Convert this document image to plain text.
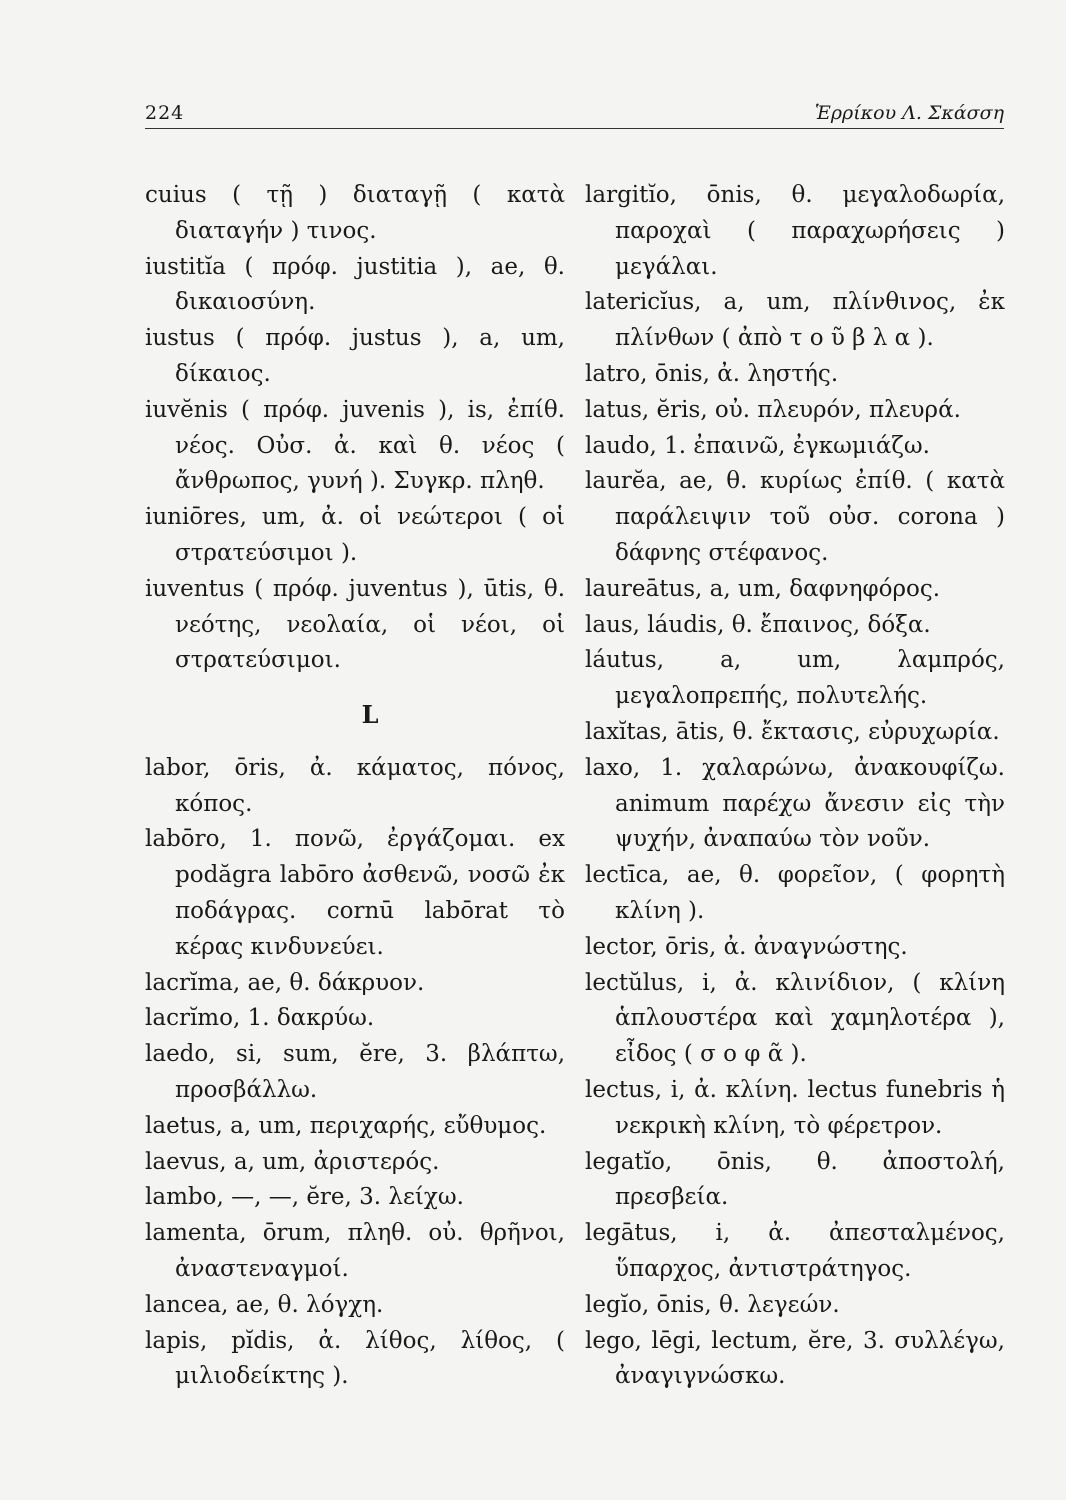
224	Ἑρρίκου Λ. Σκάσση

cuius ( τῇ ) διαταγῇ ( κατὰ διαταγήν ) τινος.

iustitĭa ( πρόφ. justitia ), ae, θ. δικαιοσύνη.

iustus ( πρόφ. justus ), a, um, δίκαιος.

iuvĕnis ( πρόφ. juvenis ), is, ἐπίθ. νέος. Οὐσ. ἀ. καὶ θ. νέος ( ἄνθρωπος, γυνή ). Συγκρ. πληθ.

iuniōres, um, ἀ. οἱ νεώτεροι ( οἱ στρατεύσιμοι ).

iuventus ( πρόφ. juventus ), ūtis, θ. νεότης, νεολαία, οἱ νέοι, οἱ στρατεύσιμοι.

L

labor, ōris, ἀ. κάματος, πόνος, κόπος.

labōro, 1. πονῶ, ἐργάζομαι. ex podăgra labōro ἀσθενῶ, νοσῶ ἐκ ποδάγρας. cornū labōrat τὸ κέρας κινδυνεύει.

lacrĭma, ae, θ. δάκρυον.

lacrĭmo, 1. δακρύω.

laedo, si, sum, ĕre, 3. βλάπτω, προσβάλλω.

laetus, a, um, περιχαρής, εὔθυμος.

laevus, a, um, ἀριστερός.

lambo, —, —, ĕre, 3. λείχω.

lamenta, ōrum, πληθ. οὐ. θρῆνοι, ἀναστεναγμοί.

lancea, ae, θ. λόγχη.

lapis, pĭdis, ἀ. λίθος, λίθος, ( μιλιοδείκτης ).

largitĭo, ōnis, θ. μεγαλοδωρία, παροχαὶ ( παραχωρήσεις ) μεγάλαι.

latericĭus, a, um, πλίνθινος, ἐκ πλίνθων ( ἀπὸ τ ο ῦ β λ α ).

latro, ōnis, ἀ. ληστής.

latus, ĕris, οὐ. πλευρόν, πλευρά.

laudo, 1. ἐπαινῶ, ἐγκωμιάζω.

laurĕa, ae, θ. κυρίως ἐπίθ. ( κατὰ παράλειψιν τοῦ οὐσ. corona ) δάφνης στέφανος.

laureātus, a, um, δαφνηφόρος.

laus, láudis, θ. ἔπαινος, δόξα.

láutus, a, um, λαμπρός, μεγαλοπρεπής, πολυτελής.

laxĭtas, ātis, θ. ἔκτασις, εὐρυχωρία.

laxo, 1. χαλαρώνω, ἀνακουφίζω. animum παρέχω ἄνεσιν εἰς τὴν ψυχήν, ἀναπαύω τὸν νοῦν.

lectīca, ae, θ. φορεῖον, ( φορητὴ κλίνη ).

lector, ōris, ἀ. ἀναγνώστης.

lectŭlus, i, ἀ. κλινίδιον, ( κλίνη ἁπλουστέρα καὶ χαμηλοτέρα ), εἶδος ( σ ο φ ᾶ ).

lectus, i, ἀ. κλίνη. lectus funebris ἡ νεκρικὴ κλίνη, τὸ φέρετρον.

legatĭo, ōnis, θ. ἀποστολή, πρεσβεία.

legātus, i, ἀ. ἀπεσταλμένος, ὕπαρχος, ἀντιστράτηγος.

legĭo, ōnis, θ. λεγεών.

lego, lēgi, lectum, ĕre, 3. συλλέγω, ἀναγιγνώσκω.
